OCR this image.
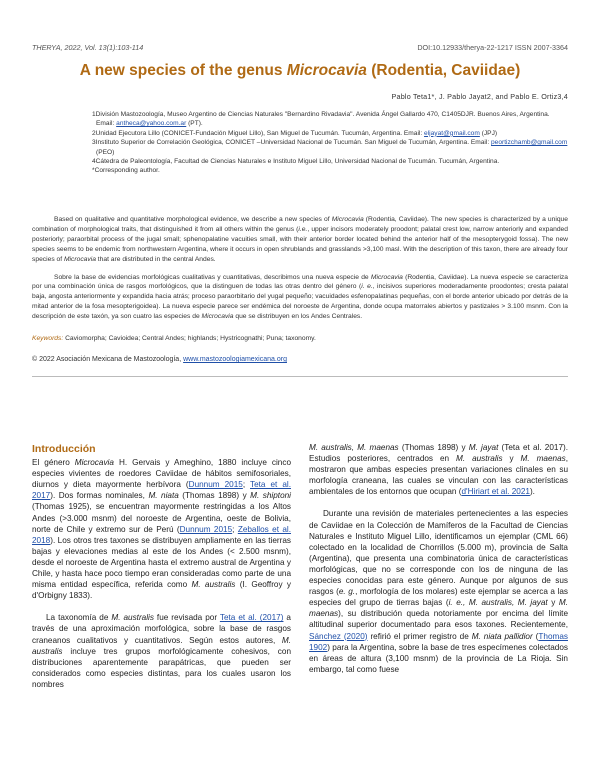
THERYA, 2022, Vol. 13(1):103-114	DOI:10.12933/therya-22-1217 ISSN 2007-3364
A new species of the genus Microcavia (Rodentia, Caviidae)
Pablo Teta1*, J. Pablo Jayat2, and Pablo E. Ortiz3,4

1División Mastozoología, Museo Argentino de Ciencias Naturales "Bernardino Rivadavia". Avenida Ángel Gallardo 470, C1405DJR. Buenos Aires, Argentina. Email: antheca@yahoo.com.ar (PT).

2Unidad Ejecutora Lillo (CONICET-Fundación Miguel Lillo), San Miguel de Tucumán. Tucumán, Argentina. Email: eljayat@gmail.com (JPJ)

3Instituto Superior de Correlación Geológica, CONICET –Universidad Nacional de Tucumán. San Miguel de Tucumán, Argentina. Email: peortizchamb@gmail.com (PEO)

4Cátedra de Paleontología, Facultad de Ciencias Naturales e Instituto Miguel Lillo, Universidad Nacional de Tucumán. Tucumán, Argentina.

*Corresponding author.

Based on qualitative and quantitative morphological evidence, we describe a new species of Microcavia (Rodentia, Caviidae). The new species is characterized by a unique combination of morphological traits, that distinguished it from all others within the genus (i.e., upper incisors moderately proodont; palatal crest low, narrow anteriorly and expanded posteriorly; paraorbital process of the jugal small; sphenopalatine vacuities small, with their anterior border located behind the anterior half of the mesopterygoid fossa). The new species seems to be endemic from northwestern Argentina, where it occurs in open shrublands and grasslands >3,100 masl. With the description of this taxon, there are already four species of Microcavia that are distributed in the central Andes.

Sobre la base de evidencias morfológicas cualitativas y cuantitativas, describimos una nueva especie de Microcavia (Rodentia, Caviidae). La nueva especie se caracteriza por una combinación única de rasgos morfológicos, que la distinguen de todas las otras dentro del género (i. e., incisivos superiores moderadamente proodontes; cresta palatal baja, angosta anteriormente y expandida hacia atrás; proceso paraorbitario del yugal pequeño; vacuidades esfenopalatinas pequeñas, con el borde anterior ubicado por detrás de la mitad anterior de la fosa mesopterigoidea). La nueva especie parece ser endémica del noroeste de Argentina, donde ocupa matorrales abiertos y pastizales > 3.100 msnm. Con la descripción de este taxón, ya son cuatro las especies de Microcavia que se distribuyen en los Andes Centrales.

Keywords: Caviomorpha; Cavioidea; Central Andes; highlands; Hystricognathi; Puna; taxonomy.
© 2022 Asociación Mexicana de Mastozoología, www.mastozoologiamexicana.org
Introducción

El género Microcavia H. Gervais y Ameghino, 1880 incluye cinco especies vivientes de roedores Caviidae de hábitos semifosoriales, diurnos y dieta mayormente herbívora (Dunnum 2015; Teta et al. 2017). Dos formas nominales, M. niata (Thomas 1898) y M. shiptoni (Thomas 1925), se encuentran mayormente restringidas a los Altos Andes (>3.000 msnm) del noroeste de Argentina, oeste de Bolivia, norte de Chile y extremo sur de Perú (Dunnum 2015; Zeballos et al. 2018). Los otros tres taxones se distribuyen ampliamente en las tierras bajas y elevaciones medias al este de los Andes (< 2.500 msnm), desde el noroeste de Argentina hasta el extremo austral de Argentina y Chile, y hasta hace poco tiempo eran consideradas como parte de una misma entidad específica, referida como M. australis (I. Geoffroy y d'Orbigny 1833).

La taxonomía de M. australis fue revisada por Teta et al. (2017) a través de una aproximación morfológica, sobre la base de rasgos craneanos cualitativos y cuantitativos. Según estos autores, M. australis incluye tres grupos morfológicamente cohesivos, con distribuciones aparentemente parapátricas, que pueden ser considerados como especies distintas, para los cuales usaron los nombres

M. australis, M. maenas (Thomas 1898) y M. jayat (Teta et al. 2017). Estudios posteriores, centrados en M. australis y M. maenas, mostraron que ambas especies presentan variaciones clinales en su morfología craneana, las cuales se vinculan con las características ambientales de los entornos que ocupan (d'Hiriart et al. 2021).

Durante una revisión de materiales pertenecientes a las especies de Caviidae en la Colección de Mamíferos de la Facultad de Ciencias Naturales e Instituto Miguel Lillo, identificamos un ejemplar (CML 66) colectado en la localidad de Chorrillos (5.000 m), provincia de Salta (Argentina), que presenta una combinatoria única de características morfológicas, que no se corresponde con los de ninguna de las especies conocidas para este género. Aunque por algunos de sus rasgos (e. g., morfología de los molares) este ejemplar se acerca a las especies del grupo de tierras bajas (i. e., M. australis, M. jayat y M. maenas), su distribución queda notoriamente por encima del límite altitudinal superior documentado para esos taxones. Recientemente, Sánchez (2020) refirió el primer registro de M. niata pallidior (Thomas 1902) para la Argentina, sobre la base de tres especímenes colectados en áreas de altura (3,100 msnm) de la provincia de La Rioja. Sin embargo, tal como fuese
